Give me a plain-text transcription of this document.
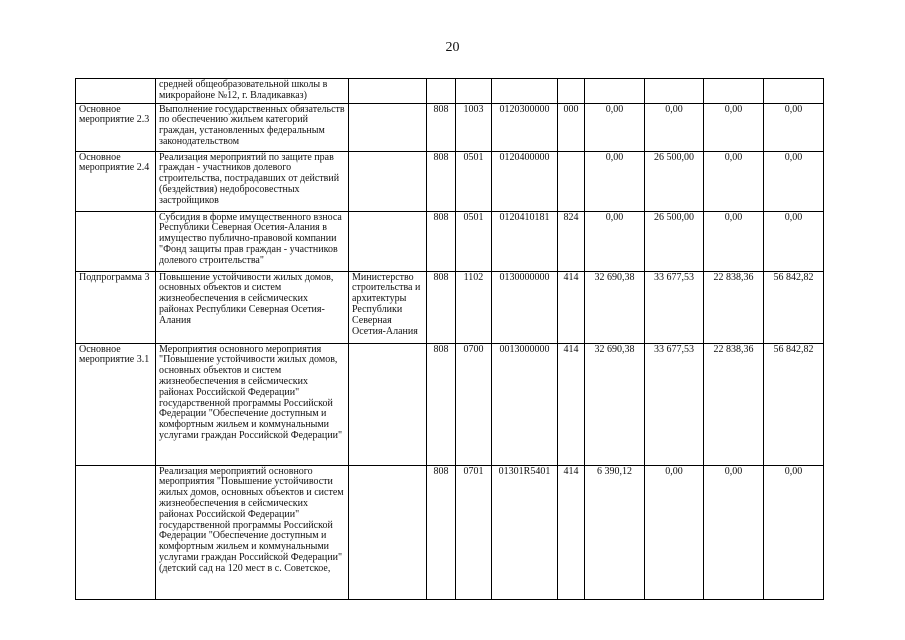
20
	средней общеобразовательной школы в микрорайоне №12, г. Владикавказ)									
Основное мероприятие 2.3	Выполнение государственных обязательств по обеспечению жильем категорий граждан, установленных федеральным законодательством		808	1003	0120300000	000	0,00	0,00	0,00	0,00
Основное мероприятие 2.4	Реализация мероприятий по защите прав граждан - участников долевого строительства, пострадавших от действий (бездействия) недобросовестных застройщиков		808	0501	0120400000		0,00	26 500,00	0,00	0,00
	Субсидия в форме имущественного взноса Республики Северная Осетия-Алания в имущество публично-правовой компании "Фонд защиты прав граждан - участников долевого строительства"		808	0501	0120410181	824	0,00	26 500,00	0,00	0,00
Подпрограмма 3	Повышение устойчивости жилых домов, основных объектов и систем жизнеобеспечения в сейсмических районах Республики Северная Осетия-Алания	Министерство строительства и архитектуры Республики Северная Осетия-Алания	808	1102	0130000000	414	32 690,38	33 677,53	22 838,36	56 842,82
Основное мероприятие 3.1	Мероприятия основного мероприятия "Повышение устойчивости жилых домов, основных объектов и систем жизнеобеспечения в сейсмических районах Российской Федерации" государственной программы Российской Федерации "Обеспечение доступным и комфортным жильем и коммунальными услугами граждан Российской Федерации"		808	0700	0013000000	414	32 690,38	33 677,53	22 838,36	56 842,82
	Реализация мероприятий основного мероприятия "Повышение устойчивости жилых домов, основных объектов и систем жизнеобеспечения в сейсмических районах Российской Федерации" государственной программы Российской Федерации "Обеспечение доступным и комфортным жильем и коммунальными услугами граждан Российской Федерации" (детский сад на 120 мест в с. Советское,		808	0701	01301R5401	414	6 390,12	0,00	0,00	0,00
